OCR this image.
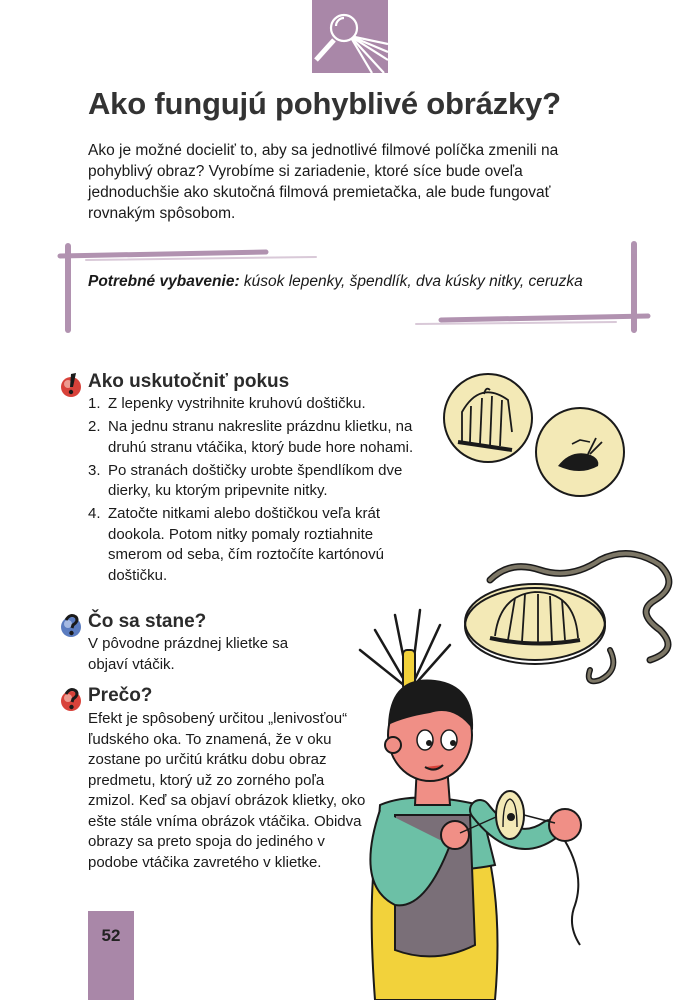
Ako fungujú pohyblivé obrázky?

Ako je možné docieliť to, aby sa jednotlivé filmové políčka zmenili na pohyblivý obraz? Vyrobíme si zariadenie, ktoré síce bude oveľa jednoduchšie ako skutočná filmová premietačka, ale bude fungovať rovnakým spôsobom.

Potrebné vybavenie: kúsok lepenky, špendlík, dva kúsky nitky, ceruzka

Ako uskutočniť pokus
1. Z lepenky vystrihnite kruhovú doštičku.
2. Na jednu stranu nakreslite prázdnu klietku, na druhú stranu vtáčika, ktorý bude hore nohami.
3. Po stranách doštičky urobte špendlíkom dve dierky, ku ktorým pripevnite nitky.
4. Zatočte nitkami alebo doštičkou veľa krát dookola. Potom nitky pomaly roztiahnite smerom od seba, čím roztočíte kartónovú doštičku.
Čo sa stane?

V pôvodne prázdnej klietke sa objaví vtáčik.

Prečo?

Efekt je spôsobený určitou „lenivosťou“ ľudského oka. To znamená, že v oku zostane po určitú krátku dobu obraz predmetu, ktorý už zo zorného poľa zmizol. Keď sa objaví obrázok klietky, oko ešte stále vníma obrázok vtáčika. Obidva obrazy sa preto spoja do jediného v podobe vtáčika zavretého v klietke.

52
